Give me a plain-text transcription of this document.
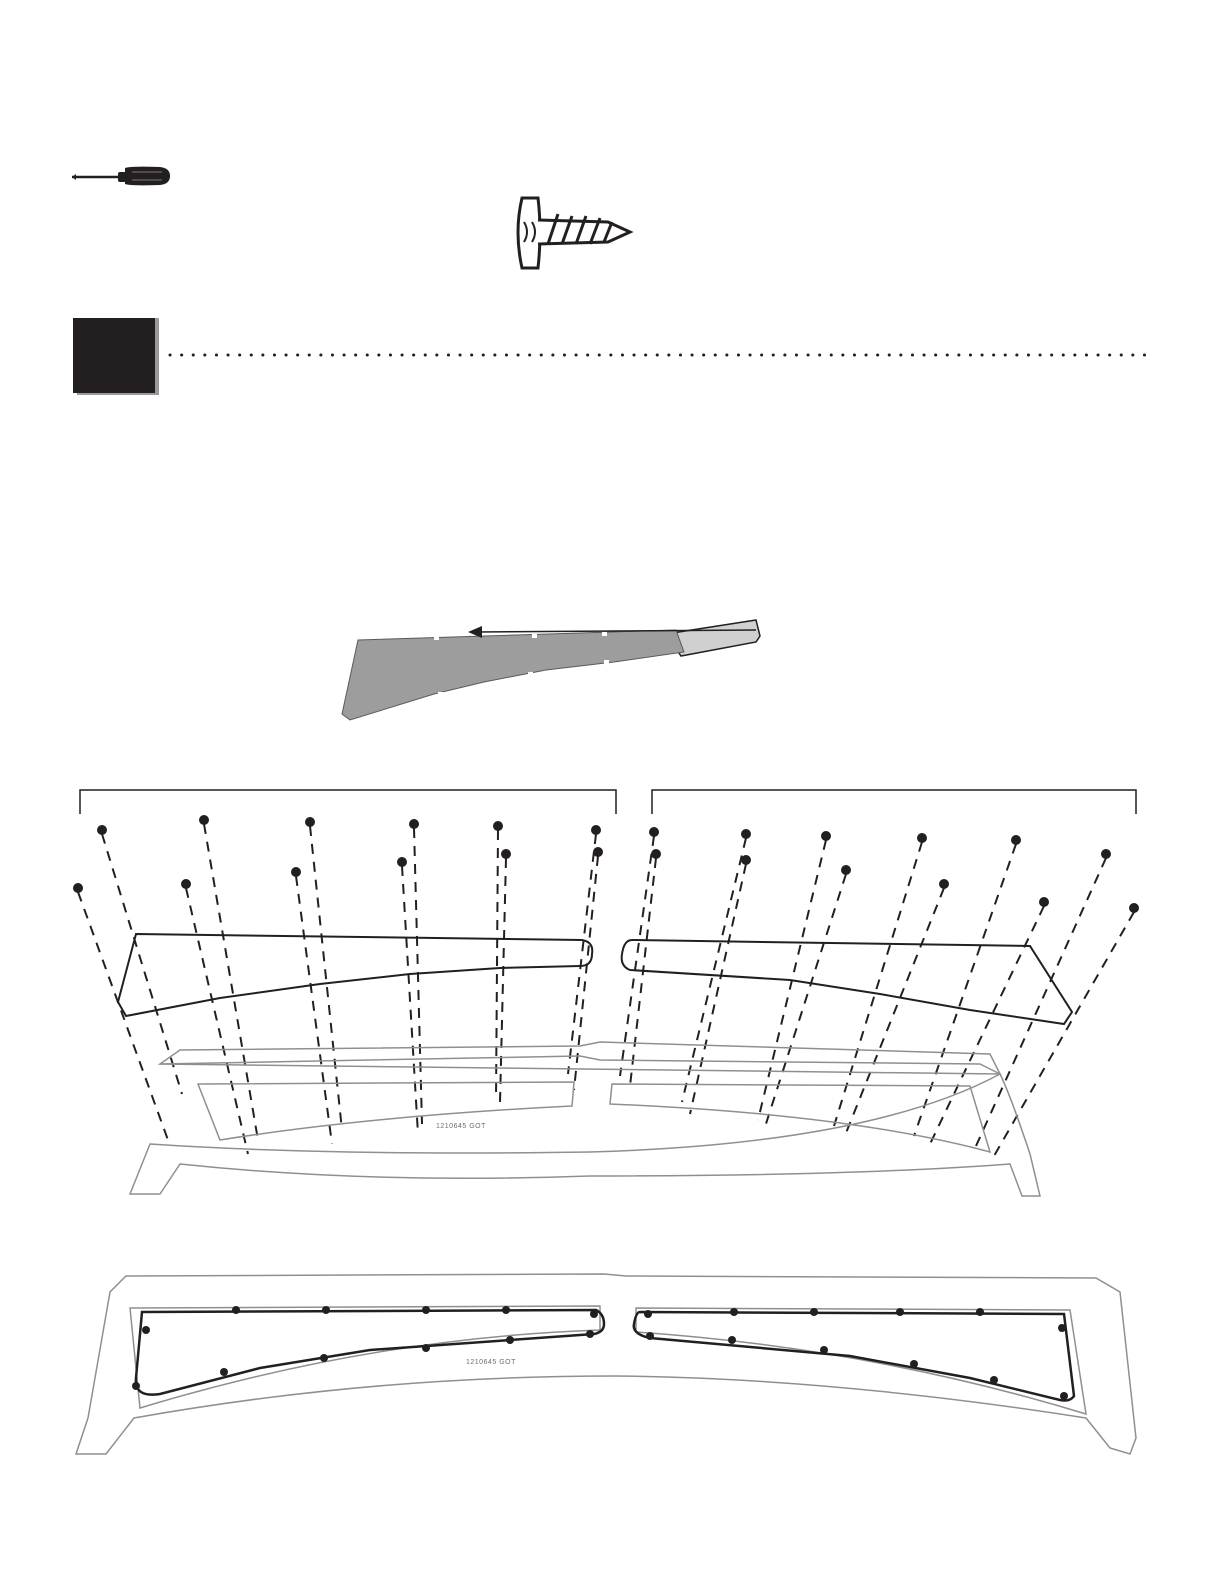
1210645 GOT
1210645 GOT
